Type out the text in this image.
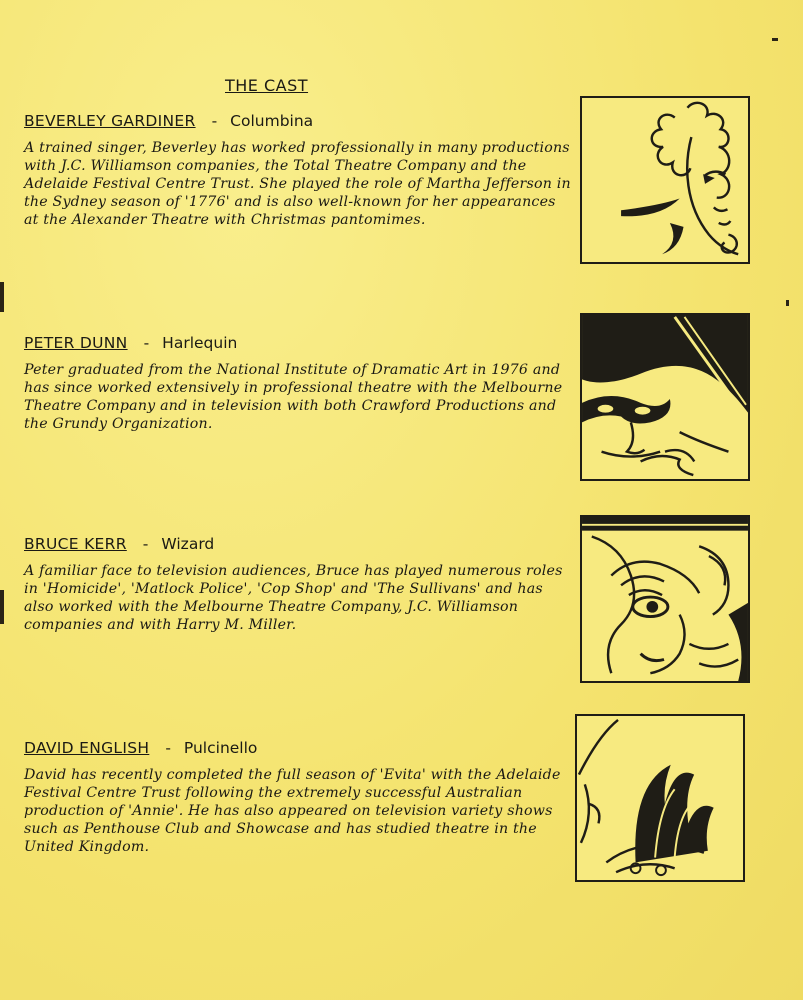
THE CAST
BEVERLEY GARDINER - Columbina

A trained singer, Beverley has worked professionally in many productions with J.C. Williamson companies, the Total Theatre Company and the Adelaide Festival Centre Trust. She played the role of Martha Jefferson in the Sydney season of '1776' and is also well-known for her appearances at the Alexander Theatre with Christmas pantomimes.

PETER DUNN - Harlequin

Peter graduated from the National Institute of Dramatic Art in 1976 and has since worked extensively in professional theatre with the Melbourne Theatre Company and in television with both Crawford Productions and the Grundy Organization.

BRUCE KERR - Wizard

A familiar face to television audiences, Bruce has played numerous roles in 'Homicide', 'Matlock Police', 'Cop Shop' and 'The Sullivans' and has also worked with the Melbourne Theatre Company, J.C. Williamson companies and with Harry M. Miller.

DAVID ENGLISH - Pulcinello

David has recently completed the full season of 'Evita' with the Adelaide Festival Centre Trust following the extremely successful Australian production of 'Annie'. He has also appeared on television variety shows such as Penthouse Club and Showcase and has studied theatre in the United Kingdom.
